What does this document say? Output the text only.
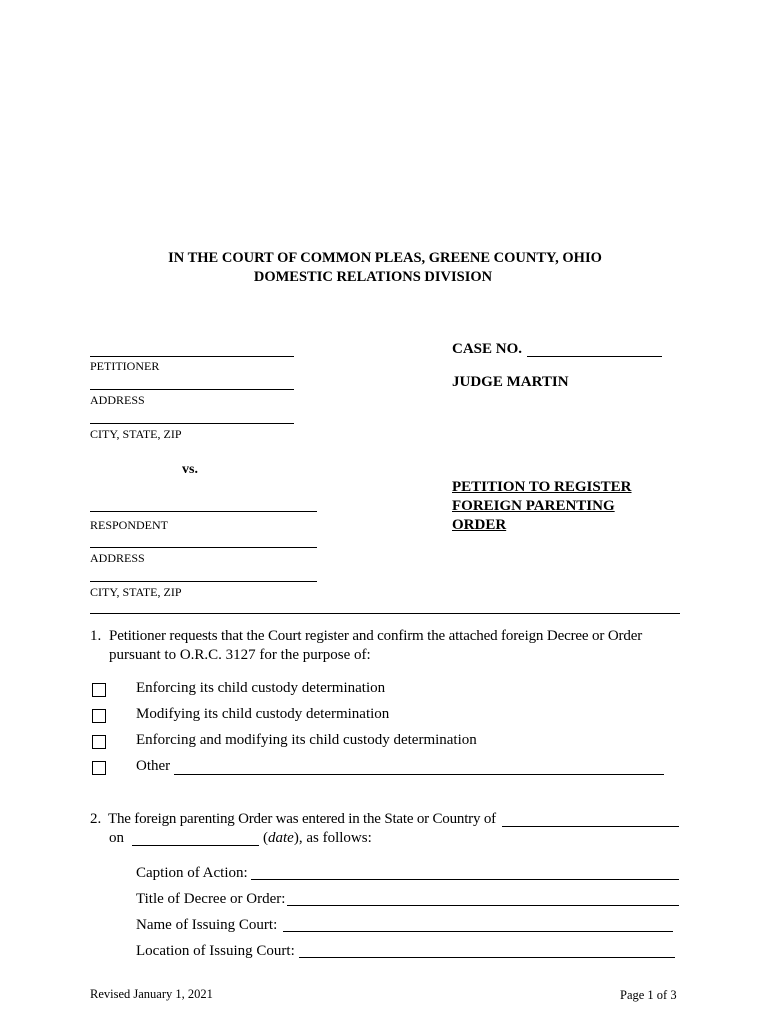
IN THE COURT OF COMMON PLEAS, GREENE COUNTY, OHIO
DOMESTIC RELATIONS DIVISION
PETITIONER
ADDRESS
CITY, STATE, ZIP
vs.
RESPONDENT
ADDRESS
CITY, STATE, ZIP
CASE NO.
JUDGE MARTIN
PETITION TO REGISTER
FOREIGN PARENTING
ORDER
1. Petitioner requests that the Court register and confirm the attached foreign Decree or Order
pursuant to O.R.C. 3127 for the purpose of:
Enforcing its child custody determination
Modifying its child custody determination
Enforcing and modifying its child custody determination
Other
2. The foreign parenting Order was entered in the State or Country of
on	(date), as follows:
Caption of Action:
Title of Decree or Order:
Name of Issuing Court:
Location of Issuing Court:
Revised January 1, 2021	Page 1 of 3
